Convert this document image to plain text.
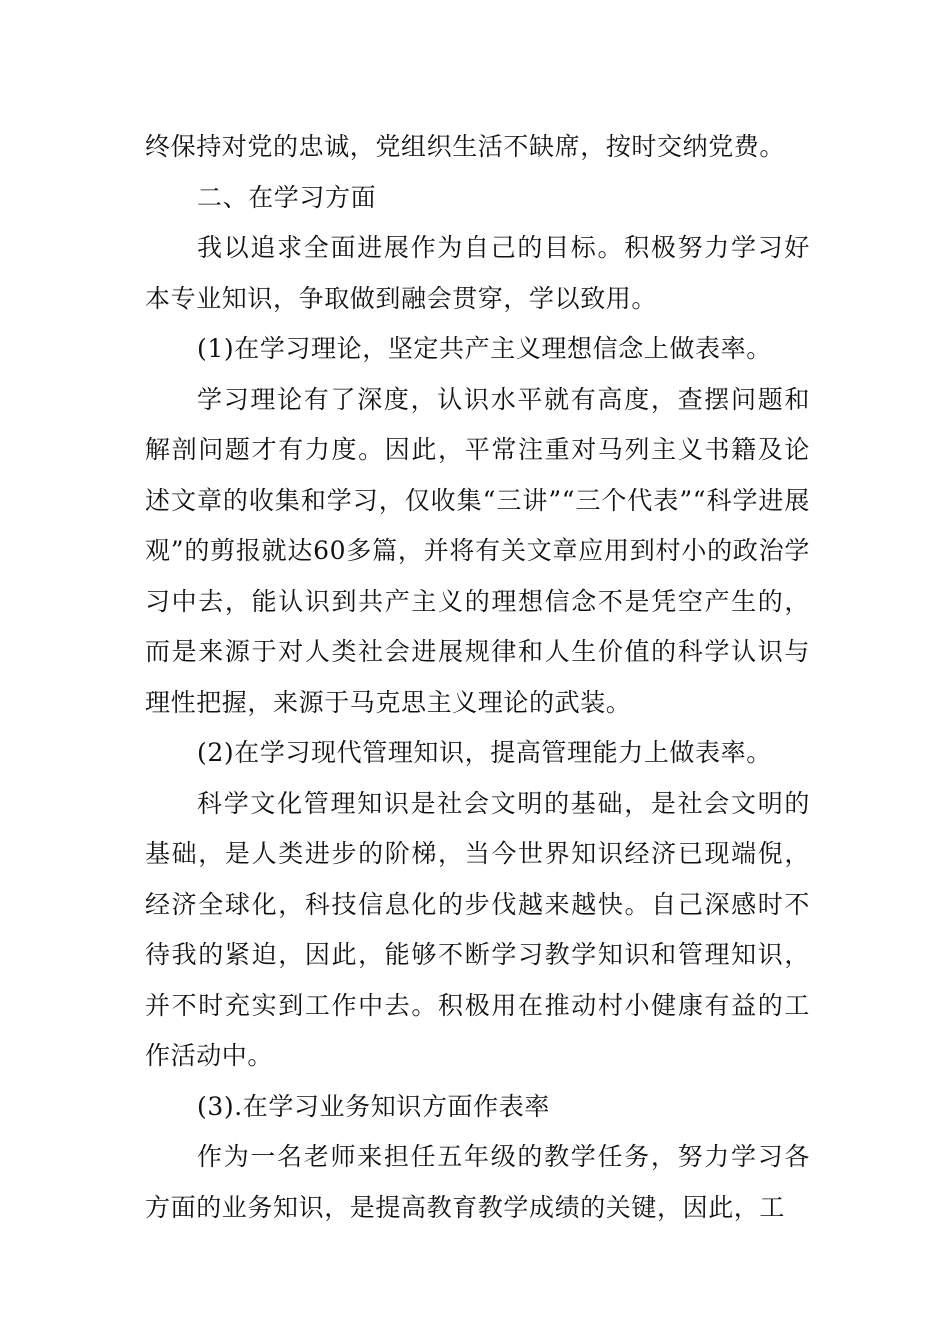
终保持对党的忠诚，党组织生活不缺席，按时交纳党费。

二、在学习方面

我以追求全面进展作为自己的目标。积极努力学习好本专业知识，争取做到融会贯穿，学以致用。

(1)在学习理论，坚定共产主义理想信念上做表率。

学习理论有了深度，认识水平就有高度，查摆问题和解剖问题才有力度。因此，平常注重对马列主义书籍及论述文章的收集和学习，仅收集“三讲”“三个代表”“科学进展观”的剪报就达60多篇，并将有关文章应用到村小的政治学习中去，能认识到共产主义的理想信念不是凭空产生的，而是来源于对人类社会进展规律和人生价值的科学认识与理性把握，来源于马克思主义理论的武装。

(2)在学习现代管理知识，提高管理能力上做表率。

科学文化管理知识是社会文明的基础，是社会文明的基础，是人类进步的阶梯，当今世界知识经济已现端倪，经济全球化，科技信息化的步伐越来越快。自己深感时不待我的紧迫，因此，能够不断学习教学知识和管理知识，并不时充实到工作中去。积极用在推动村小健康有益的工作活动中。

(3).在学习业务知识方面作表率

作为一名老师来担任五年级的教学任务，努力学习各方面的业务知识，是提高教育教学成绩的关键，因此，工
